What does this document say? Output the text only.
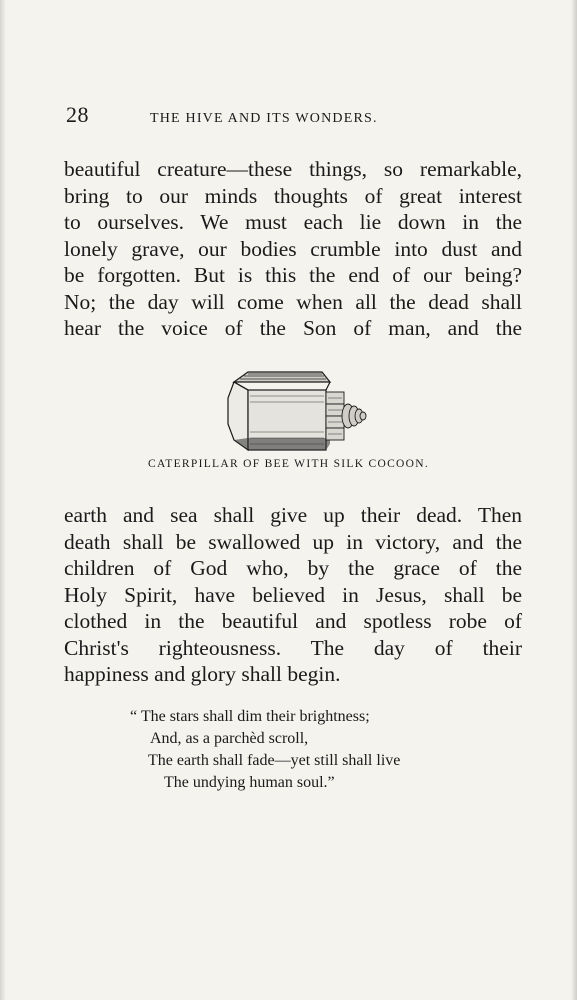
28	THE HIVE AND ITS WONDERS.
beautiful creature—these things, so remarkable,
bring to our minds thoughts of great interest
to ourselves. We must each lie down in the
lonely grave, our bodies crumble into dust and
be forgotten. But is this the end of our being?
No; the day will come when all the dead shall
hear the voice of the Son of man, and the
CATERPILLAR OF BEE WITH SILK COCOON.
earth and sea shall give up their dead. Then
death shall be swallowed up in victory, and the
children of God who, by the grace of the
Holy Spirit, have believed in Jesus, shall be
clothed in the beautiful and spotless robe of
Christ's righteousness. The day of their
happiness and glory shall begin.
“ The stars shall dim their brightness;
And, as a parchèd scroll,
The earth shall fade—yet still shall live
The undying human soul.”
